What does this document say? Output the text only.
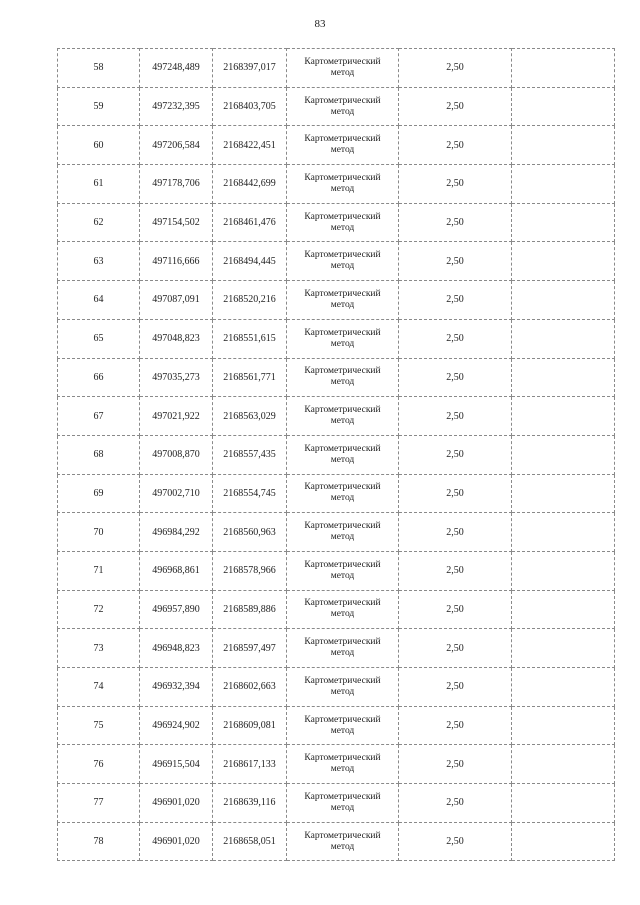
83
58	497248,489	2168397,017	Картометрический
метод	2,50	
59	497232,395	2168403,705	Картометрический
метод	2,50	
60	497206,584	2168422,451	Картометрический
метод	2,50	
61	497178,706	2168442,699	Картометрический
метод	2,50	
62	497154,502	2168461,476	Картометрический
метод	2,50	
63	497116,666	2168494,445	Картометрический
метод	2,50	
64	497087,091	2168520,216	Картометрический
метод	2,50	
65	497048,823	2168551,615	Картометрический
метод	2,50	
66	497035,273	2168561,771	Картометрический
метод	2,50	
67	497021,922	2168563,029	Картометрический
метод	2,50	
68	497008,870	2168557,435	Картометрический
метод	2,50	
69	497002,710	2168554,745	Картометрический
метод	2,50	
70	496984,292	2168560,963	Картометрический
метод	2,50	
71	496968,861	2168578,966	Картометрический
метод	2,50	
72	496957,890	2168589,886	Картометрический
метод	2,50	
73	496948,823	2168597,497	Картометрический
метод	2,50	
74	496932,394	2168602,663	Картометрический
метод	2,50	
75	496924,902	2168609,081	Картометрический
метод	2,50	
76	496915,504	2168617,133	Картометрический
метод	2,50	
77	496901,020	2168639,116	Картометрический
метод	2,50	
78	496901,020	2168658,051	Картометрический
метод	2,50	
